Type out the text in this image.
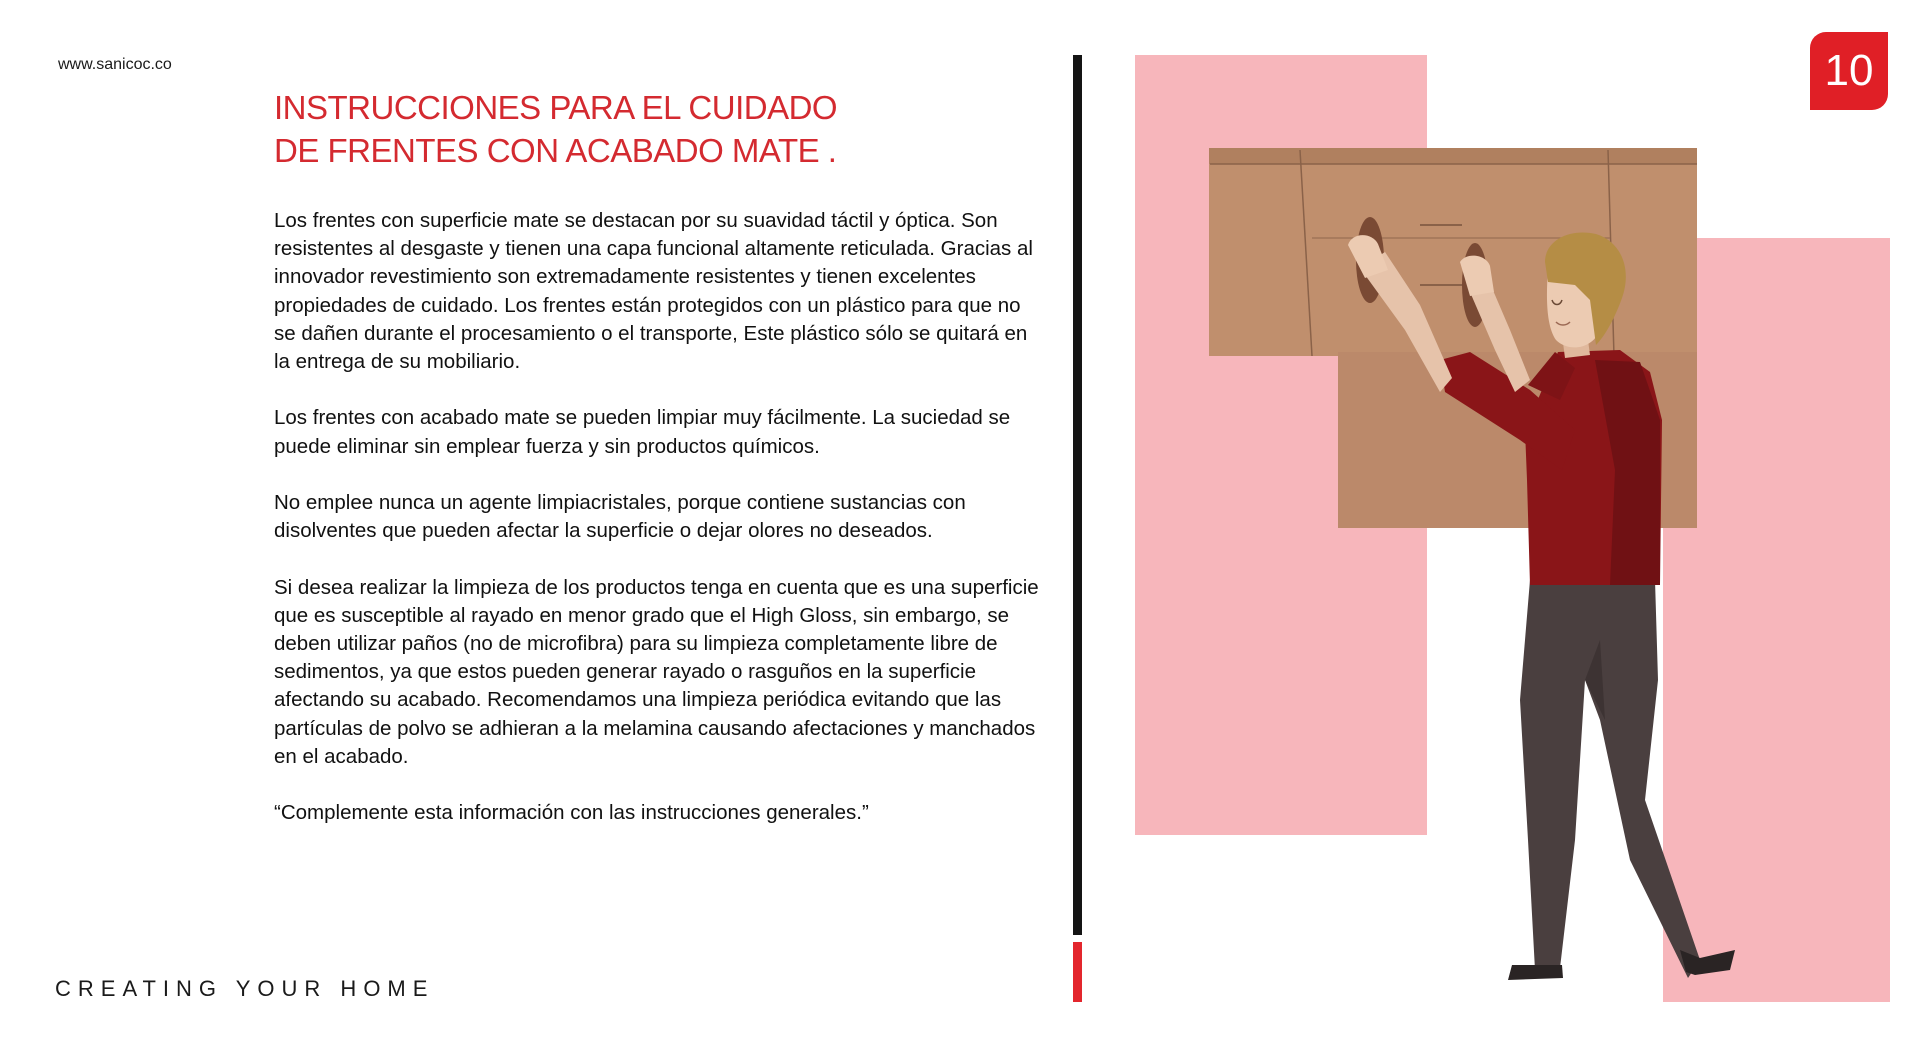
www.sanicoc.co
INSTRUCCIONES PARA EL CUIDADO
DE FRENTES CON ACABADO MATE .

Los frentes con superficie mate se destacan por su suavidad táctil y óptica. Son resistentes al desgaste y tienen una capa funcional altamente reticulada. Gracias al innovador revestimiento son extremadamente resistentes y tienen excelentes propiedades de cuidado. Los frentes están protegidos con un plástico para que no se dañen durante el procesamiento o el transporte, Este plástico sólo se quitará en la entrega de su mobiliario.

Los frentes con acabado mate se pueden limpiar muy fácilmente. La suciedad se puede eliminar sin emplear fuerza y sin productos químicos.

No emplee nunca un agente limpiacristales, porque contiene sustancias con disolventes que pueden afectar la superficie o dejar olores no deseados.

Si desea realizar la limpieza de los productos tenga en cuenta que es una superficie que es susceptible al rayado en menor grado que el High Gloss, sin embargo, se deben utilizar paños (no de microfibra) para su limpieza completamente libre de sedimentos, ya que estos pueden generar rayado o rasguños en la superficie afectando su acabado. Recomendamos una limpieza periódica evitando que las partículas de polvo se adhieran a la melamina causando afectaciones y manchados en el acabado.

“Complemente esta información con las instrucciones generales.”

CREATING YOUR HOME
10
